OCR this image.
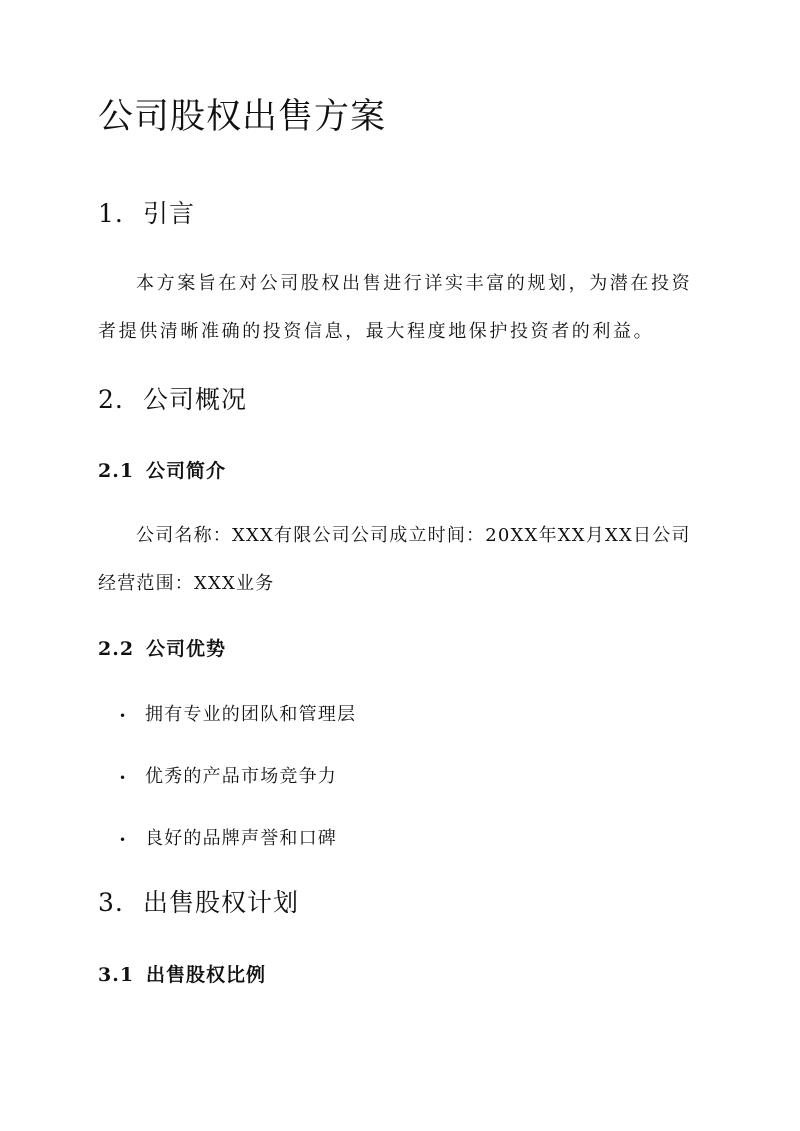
公司股权出售方案
1. 引言
本方案旨在对公司股权出售进行详实丰富的规划，为潜在投资
者提供清晰准确的投资信息，最大程度地保护投资者的利益。
2. 公司概况
2.1 公司简介
公司名称：XXX有限公司公司成立时间：20XX年XX月XX日公司
经营范围：XXX业务
2.2 公司优势
• 拥有专业的团队和管理层
• 优秀的产品市场竞争力
• 良好的品牌声誉和口碑
3. 出售股权计划
3.1 出售股权比例
